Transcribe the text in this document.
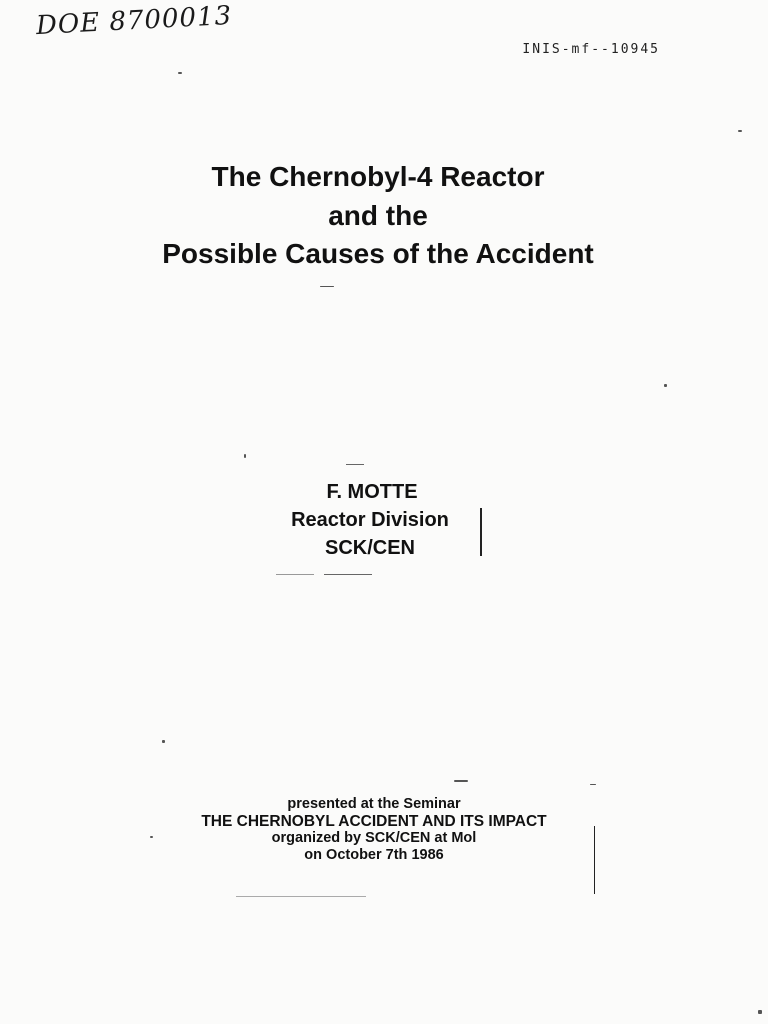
DOE 8700013
INIS-mf--10945
The Chernobyl-4 Reactor
and the
Possible Causes of the Accident
F. MOTTE
Reactor Division
SCK/CEN
presented at the Seminar
THE CHERNOBYL ACCIDENT AND ITS IMPACT
organized by SCK/CEN at Mol
on October 7th 1986
